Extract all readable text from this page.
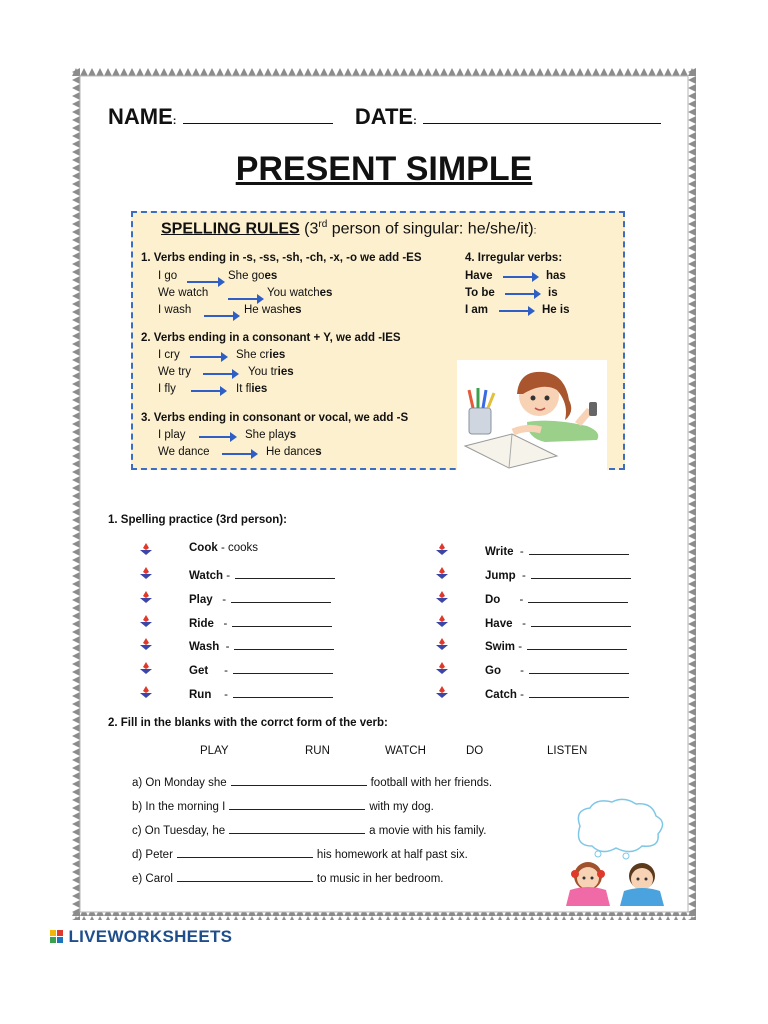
NAME:	DATE:
PRESENT SIMPLE
SPELLING RULES (3rd person of singular: he/she/it):
1. Verbs ending in -s, -ss, -sh, -ch, -x, -o we add -ES
I go	She goes
We watch	You watches
I wash	He washes
2. Verbs ending in a consonant + Y, we add -IES
I cry	She cries
We try	You tries
I fly	It flies
3. Verbs ending in consonant or vocal, we add -S
I play	She plays
We dance	He dances
4. Irregular verbs:
Have	has
To be	is
I am	He is
1. Spelling practice (3rd person):
Cook - cooks
Watch -
Play   -
Ride   -
Wash  -
Get     -
Run    -
Write  -
Jump  -
Do      -
Have   -
Swim -
Go      -
Catch -
2. Fill in the blanks with the corrct form of the verb:
PLAY	RUN	WATCH	DO	LISTEN
a) On Monday she	football with her friends.
b) In the morning I	with my dog.
c) On Tuesday, he	a movie with his family.
d) Peter	his homework at half past six.
e) Carol	to music in her bedroom.
LIVEWORKSHEETS
